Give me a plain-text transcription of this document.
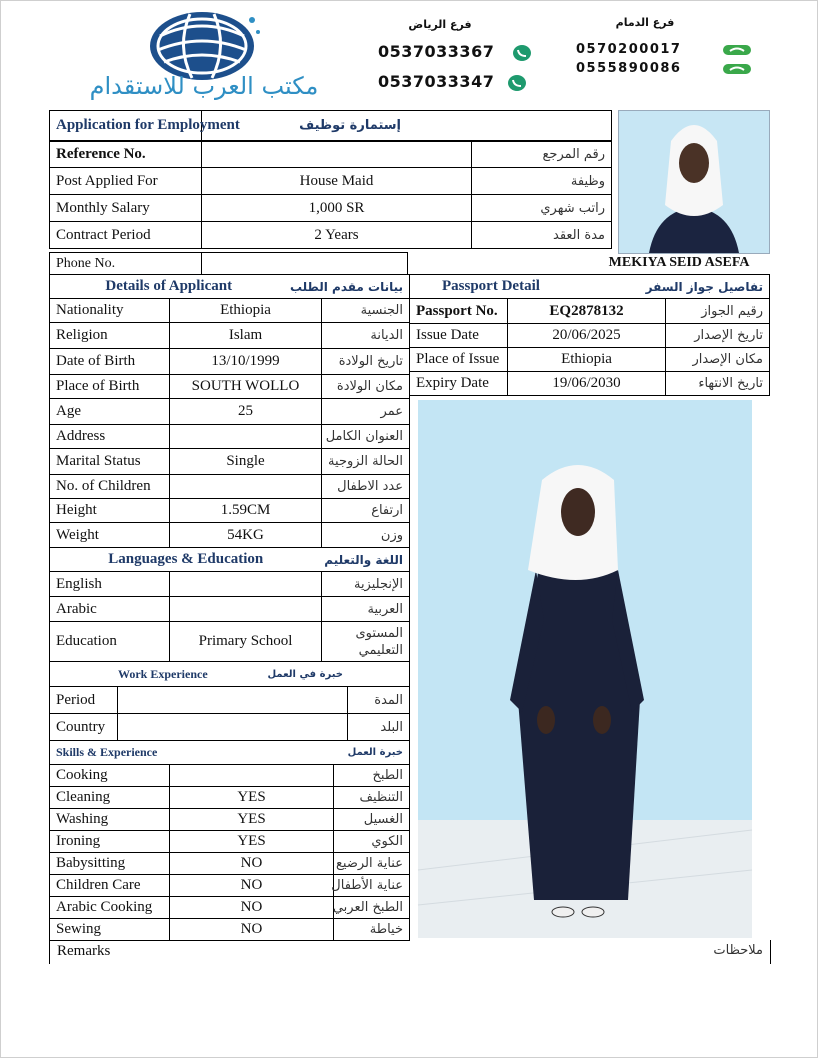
مكتب العرب للاستقدام
فرع الرياض
0537033367
0537033347
فرع الدمام
0570200017
0555890086
Application for Employment	إستمارة توظيف	
Reference No.		رقم المرجع
Post Applied For	House Maid	وظيفة
Monthly Salary	1,000 SR	راتب شهري
Contract Period	2 Years	مدة العقد
Phone No.		MEKIYA SEID ASEFA
Details of Applicant		بيانات مقدم الطلب
Nationality	Ethiopia	الجنسية
Religion	Islam	الديانة
Date of Birth	13/10/1999	تاريخ الولادة
Place of Birth	SOUTH WOLLO	مكان الولادة
Age	25	عمر
Address		العنوان الكامل
Marital Status	Single	الحالة الزوجية
No. of Children		عدد الاطفال
Height	1.59CM	ارتفاع
Weight	54KG	وزن
Languages & Education		اللغة والتعليم
English		الإنجليزية
Arabic		العربية
Education	Primary School	المستوى
التعليمي
Work Experience	خبرة في العمل
Period		المدة
Country		البلد
Skills & Experience		خبرة العمل
Cooking		الطبخ
Cleaning	YES	التنظيف
Washing	YES	الغسيل
Ironing	YES	الكوي
Babysitting	NO	عناية الرضيع
Children Care	NO	عناية الأطفال
Arabic Cooking	NO	الطبخ العربي
Sewing	NO	خياطة
Remarks	ملاحظات
Passport Detail		تفاصيل جواز السفر
Passport No.	EQ2878132	رقيم الجواز
Issue Date	20/06/2025	تاريخ الإصدار
Place of Issue	Ethiopia	مكان الإصدار
Expiry Date	19/06/2030	تاريخ الانتهاء
